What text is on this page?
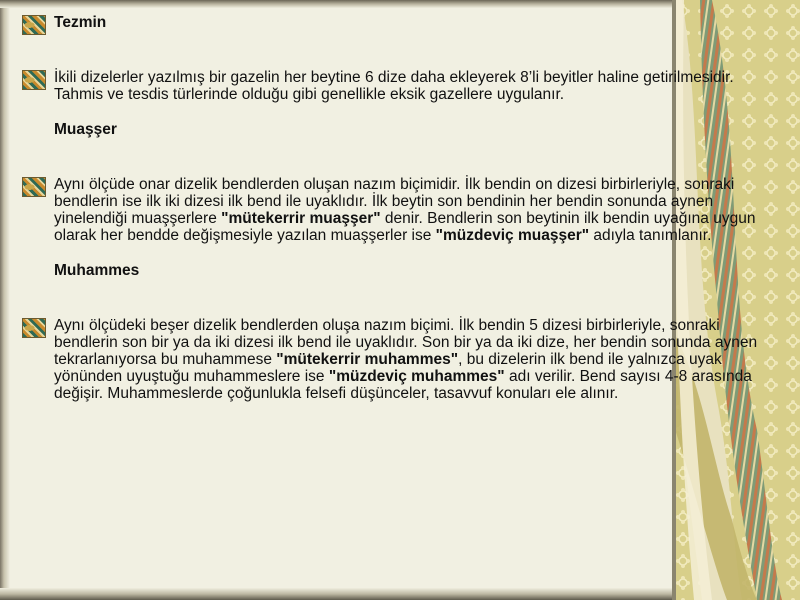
Tezmin

İkili dizelerler yazılmış bir gazelin her beytine 6 dize daha ekleyerek 8’li beyitler haline getirilmesidir. Tahmis ve tesdis türlerinde olduğu gibi genellikle eksik gazellere uygulanır.

Muaşşer

Aynı ölçüde onar dizelik bendlerden oluşan nazım biçimidir. İlk bendin on dizesi birbirleriyle, sonraki bendlerin ise ilk iki dizesi ilk bend ile uyaklıdır. İlk beytin son bendinin her bendin sonunda aynen yinelendiği muaşşerlere "mütekerrir muaşşer" denir. Bendlerin son beytinin ilk bendin uyağına uygun olarak her bendde değişmesiyle yazılan muaşşerler ise "müzdeviç muaşşer" adıyla tanımlanır.

Muhammes

Aynı ölçüdeki beşer dizelik bendlerden oluşa nazım biçimi. İlk bendin 5 dizesi birbirleriyle, sonraki bendlerin son bir ya da iki dizesi ilk bend ile uyaklıdır. Son bir ya da iki dize, her bendin sonunda aynen tekrarlanıyorsa bu muhammese "mütekerrir muhammes", bu dizelerin ilk bend ile yalnızca uyak yönünden uyuştuğu muhammeslere ise "müzdeviç muhammes" adı verilir. Bend sayısı 4-8 arasında değişir. Muhammeslerde çoğunlukla felsefi düşünceler, tasavvuf konuları ele alınır.
